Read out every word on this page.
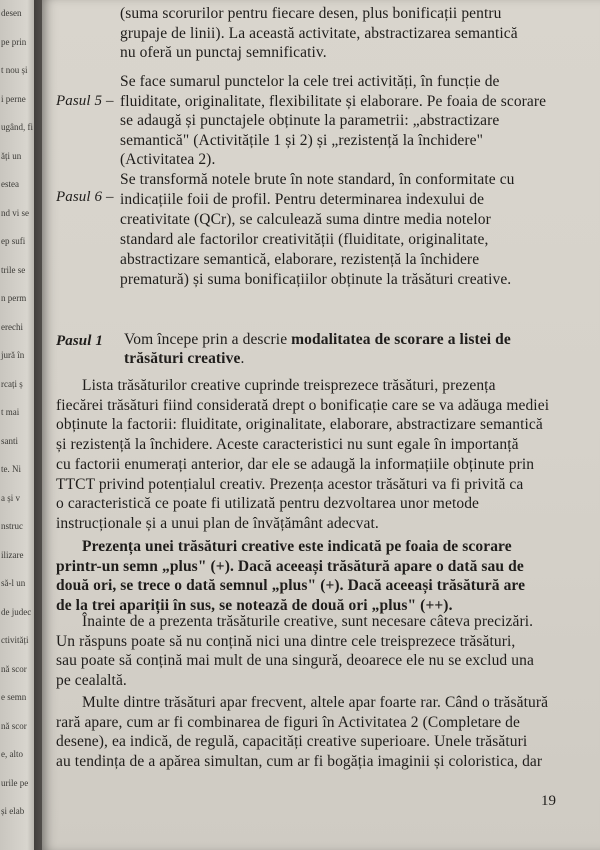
desen
pe prin
t nou și
i perne
ugând, fi
ăți un
estea
nd vi se
ep sufi
trile se
n perm
erechi
jură în
rcați ș
t mai
santi
te. Ni
a și v
nstruc
ilizare
să-l un
de judec
ctivități
nă scor
e semn
nă scor
e, alto
urile pe
și elab
(suma scorurilor pentru fiecare desen, plus bonificații pentru
grupaje de linii). La această activitate, abstractizarea semantică
nu oferă un punctaj semnificativ.
Pasul 5 –
Se face sumarul punctelor la cele trei activități, în funcție de
fluiditate, originalitate, flexibilitate și elaborare. Pe foaia de scorare
se adaugă și punctajele obținute la parametrii: „abstractizare
semantică" (Activitățile 1 și 2) și „rezistență la închidere"
(Activitatea 2).
Pasul 6 –
Se transformă notele brute în note standard, în conformitate cu
indicațiile foii de profil. Pentru determinarea indexului de
creativitate (QCr), se calculează suma dintre media notelor
standard ale factorilor creativității (fluiditate, originalitate,
abstractizare semantică, elaborare, rezistență la închidere
prematură) și suma bonificațiilor obținute la trăsături creative.
Pasul 1 Vom începe prin a descrie modalitatea de scorare a listei de
trăsături creative.
Lista trăsăturilor creative cuprinde treisprezece trăsături, prezența
fiecărei trăsături fiind considerată drept o bonificație care se va adăuga mediei
obținute la factorii: fluiditate, originalitate, elaborare, abstractizare semantică
și rezistență la închidere. Aceste caracteristici nu sunt egale în importanță
cu factorii enumerați anterior, dar ele se adaugă la informațiile obținute prin
TTCT privind potențialul creativ. Prezența acestor trăsături va fi privită ca
o caracteristică ce poate fi utilizată pentru dezvoltarea unor metode
instrucționale și a unui plan de învățământ adecvat.
Prezența unei trăsături creative este indicată pe foaia de scorare
printr-un semn „plus" (+). Dacă aceeași trăsătură apare o dată sau de
două ori, se trece o dată semnul „plus" (+). Dacă aceeași trăsătură are
de la trei apariții în sus, se notează de două ori „plus" (++).
Înainte de a prezenta trăsăturile creative, sunt necesare câteva precizări.
Un răspuns poate să nu conțină nici una dintre cele treisprezece trăsături,
sau poate să conțină mai mult de una singură, deoarece ele nu se exclud una
pe cealaltă.
Multe dintre trăsături apar frecvent, altele apar foarte rar. Când o trăsătură
rară apare, cum ar fi combinarea de figuri în Activitatea 2 (Completare de
desene), ea indică, de regulă, capacități creative superioare. Unele trăsături
au tendința de a apărea simultan, cum ar fi bogăția imaginii și coloristica, dar
19
